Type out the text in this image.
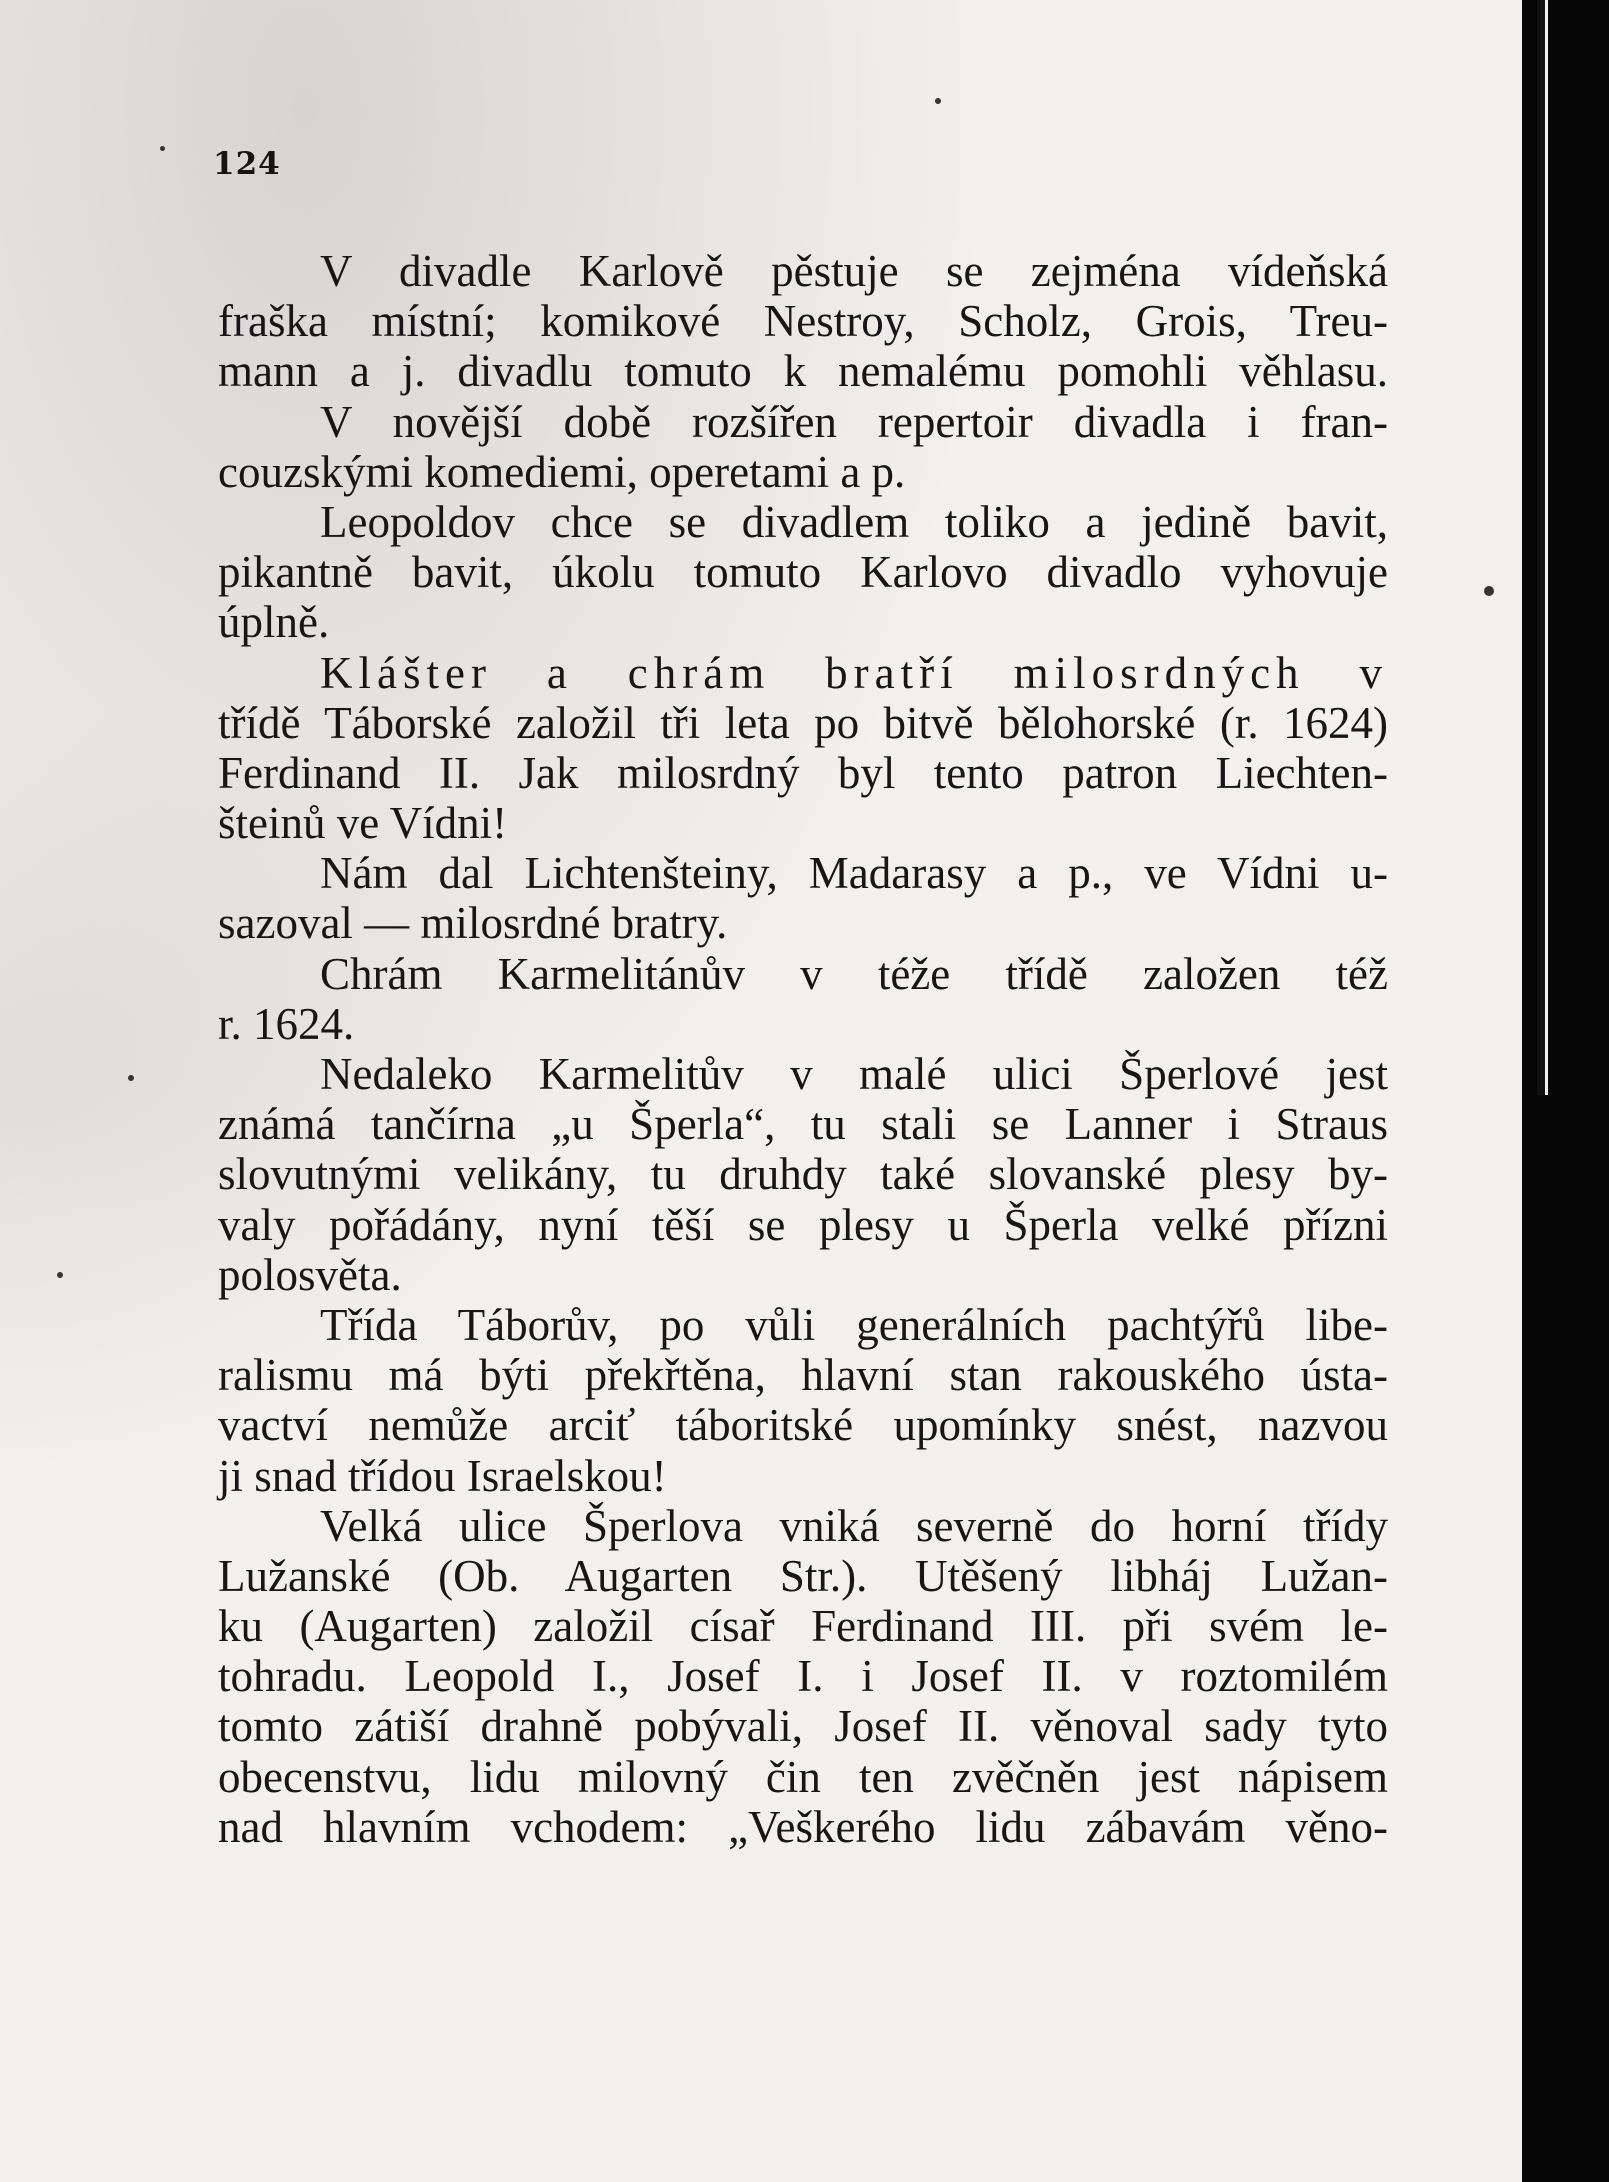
124
V divadle Karlově pěstuje se zejména vídeňská
fraška místní; komikové Nestroy, Scholz, Grois, Treu-
mann a j. divadlu tomuto k nemalému pomohli věhlasu.
V novější době rozšířen repertoir divadla i fran-
couzskými komediemi, operetami a p.
Leopoldov chce se divadlem toliko a jedině bavit,
pikantně bavit, úkolu tomuto Karlovo divadlo vyhovuje
úplně.
Klášter a chrám bratří milosrdných v
třídě Táborské založil tři leta po bitvě bělohorské (r. 1624)
Ferdinand II. Jak milosrdný byl tento patron Liechten-
šteinů ve Vídni!
Nám dal Lichtenšteiny, Madarasy a p., ve Vídni u-
sazoval — milosrdné bratry.
Chrám Karmelitánův v téže třídě založen též
r. 1624.
Nedaleko Karmelitův v malé ulici Šperlové jest
známá tančírna „u Šperla“, tu stali se Lanner i Straus
slovutnými velikány, tu druhdy také slovanské plesy by-
valy pořádány, nyní těší se plesy u Šperla velké přízni
polosvěta.
Třída Táborův, po vůli generálních pachtýřů libe-
ralismu má býti překřtěna, hlavní stan rakouského ústa-
vactví nemůže arciť táboritské upomínky snést, nazvou
ji snad třídou Israelskou!
Velká ulice Šperlova vniká severně do horní třídy
Lužanské (Ob. Augarten Str.). Utěšený libháj Lužan-
ku (Augarten) založil císař Ferdinand III. při svém le-
tohradu. Leopold I., Josef I. i Josef II. v roztomilém
tomto zátiší drahně pobývali, Josef II. věnoval sady tyto
obecenstvu, lidu milovný čin ten zvěčněn jest nápisem
nad hlavním vchodem: „Veškerého lidu zábavám věno-
